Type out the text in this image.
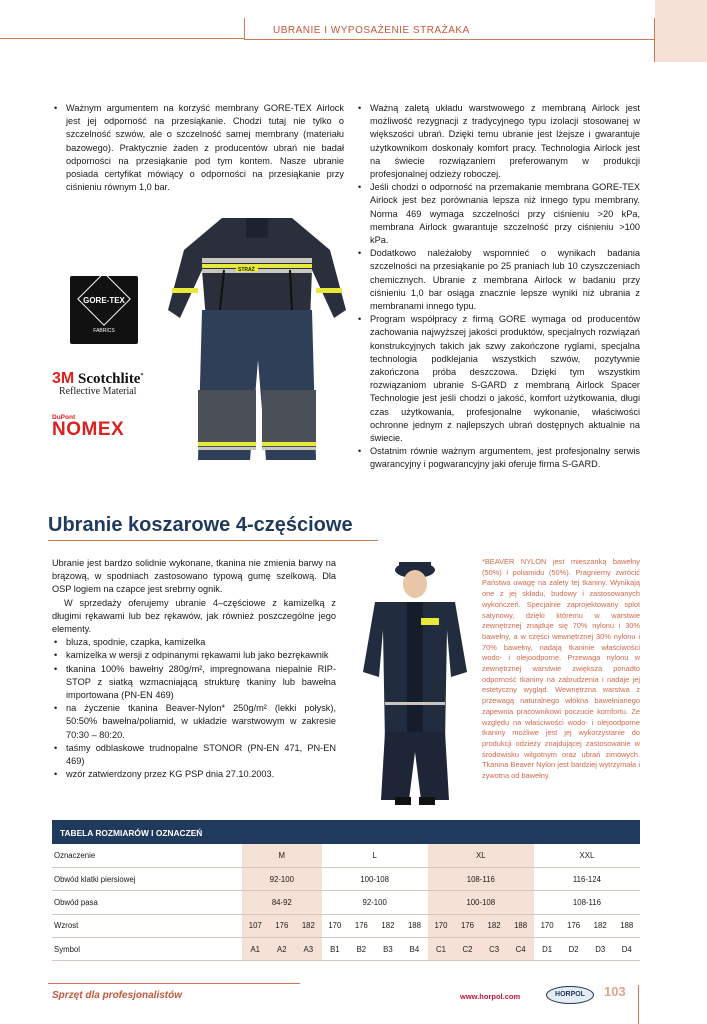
UBRANIE I WYPOSAŻENIE STRAŻAKA
• Ważnym argumentem na korzyść membrany GORE-TEX Airlock jest jej odporność na przesiąkanie. Chodzi tutaj nie tylko o szczelność szwów, ale o szczelność samej membrany (materiału bazowego). Praktycznie żaden z producentów ubrań nie badał odporności na przesiąkanie pod tym kontem. Nasze ubranie posiada certyfikat mówiący o odporności na przesiąkanie przy ciśnieniu równym 1,0 bar.
• Ważną zaletą układu warstwowego z membraną Airlock jest możliwość rezygnacji z tradycyjnego typu izolacji stosowanej w większości ubrań. Dzięki temu ubranie jest lżejsze i gwarantuje użytkownikom doskonały komfort pracy. Technologia Airlock jest na świecie rozwiązaniem preferowanym w produkcji profesjonalnej odzieży roboczej.
• Jeśli chodzi o odporność na przemakanie membrana GORE-TEX Airlock jest bez porównania lepsza niż innego typu membrany. Norma 469 wymaga szczelności przy ciśnieniu >20 kPa, membrana Airlock gwarantuje szczelność przy ciśnieniu >100 kPa.
• Dodatkowo należałoby wspomnieć o wynikach badania szczelności na przesiąkanie po 25 praniach lub 10 czyszczeniach chemicznych. Ubranie z membrana Airlock w badaniu przy ciśnieniu 1,0 bar osiąga znacznie lepsze wyniki niż ubrania z membranami innego typu.
• Program współpracy z firmą GORE wymaga od producentów zachowania najwyższej jakości produktów, specjalnych rozwiązań konstrukcyjnych takich jak szwy zakończone ryglami, specjalna technologia podklejania wszystkich szwów, pozytywnie zakończona próba deszczowa. Dzięki tym wszystkim rozwiązaniom ubranie S-GARD z membraną Airlock Spacer Technologie jest jeśli chodzi o jakość, komfort użytkowania, długi czas użytkowania, profesjonalne wykonanie, właściwości ochronne jednym z najlepszych ubrań dostępnych aktualnie na świecie.
• Ostatnim równie ważnym argumentem, jest profesjonalny serwis gwarancyjny i pogwarancyjny jaki oferuje firma S-GARD.
GORE-TEX
FABRICS
3M Scotchlite*
Reflective Material
DuPont
NOMEX
STRAŻ
Ubranie koszarowe 4-częściowe

Ubranie jest bardzo solidnie wykonane, tkanina nie zmienia barwy na brązową, w spodniach zastosowano typową gumę szelkową. Dla OSP logiem na czapce jest srebrny ognik.

W sprzedaży oferujemy ubranie 4–częściowe z kamizelką z długimi rękawami lub bez rękawów, jak również poszczególne jego elementy.

• bluza, spodnie, czapka, kamizelka
• kamizelka w wersji z odpinanymi rękawami lub jako bezrękawnik
• tkanina 100% bawełny 280g/m², impregnowana niepalnie RIP-STOP z siatką wzmacniającą strukturę tkaniny lub bawełna importowana (PN-EN 469)
• na życzenie tkanina Beaver-Nylon* 250g/m² (lekki połysk), 50:50% bawełna/poliamid, w układzie warstwowym w zakresie 70:30 – 80:20.
• taśmy odblaskowe trudnopalne STONOR (PN-EN 471, PN-EN 469)
• wzór zatwierdzony przez KG PSP dnia 27.10.2003.
*BEAVER NYLON jest mieszanką bawełny (50%) i poliamidu (50%). Pragniemy zwrócić Państwa uwagę na zalety tej tkaniny. Wynikają one z jej składu, budowy i zastosowanych wykończeń. Specjalnie zaprojektowany splot satynowy, dzięki któremu w warstwie zewnętrznej znajduje się 70% nylonu i 30% bawełny, a w części wewnętrznej 30% nylonu i 70% bawełny, nadają tkaninie właściwości wodo- i olejoodporne. Przewaga nylonu w zewnętrznej warstwie zwiększa ponadto odporność tkaniny na zabrudzenia i nadaje jej estetyczny wygląd. Wewnętrzna warstwa z przewagą naturalnego włókna bawełnianego zapewnia pracownikowi poczucie komfortu. Ze względu na właściwości wodo- i olejoodporne tkaniny możliwe jest jej wykorzystanie do produkcji odzieży znajdującej zastosowanie w środowisku wilgotnym oraz ubrań zimowych. Tkanina Beaver Nylon jest bardziej wytrzymała i żywotna od bawełny.
TABELA ROZMIARÓW I OZNACZEŃ
Oznaczenie	M			L				XL				XXL			
Obwód klatki piersiowej	92-100			100-108				108-116				116-124			
Obwód pasa	84-92			92-100				100-108				108-116			
Wzrost	107	176	182	170	176	182	188	170	176	182	188	170	176	182	188
Symbol	A1	A2	A3	B1	B2	B3	B4	C1	C2	C3	C4	D1	D2	D3	D4
Sprzęt dla profesjonalistów	www.horpol.com	HORPOL	103
